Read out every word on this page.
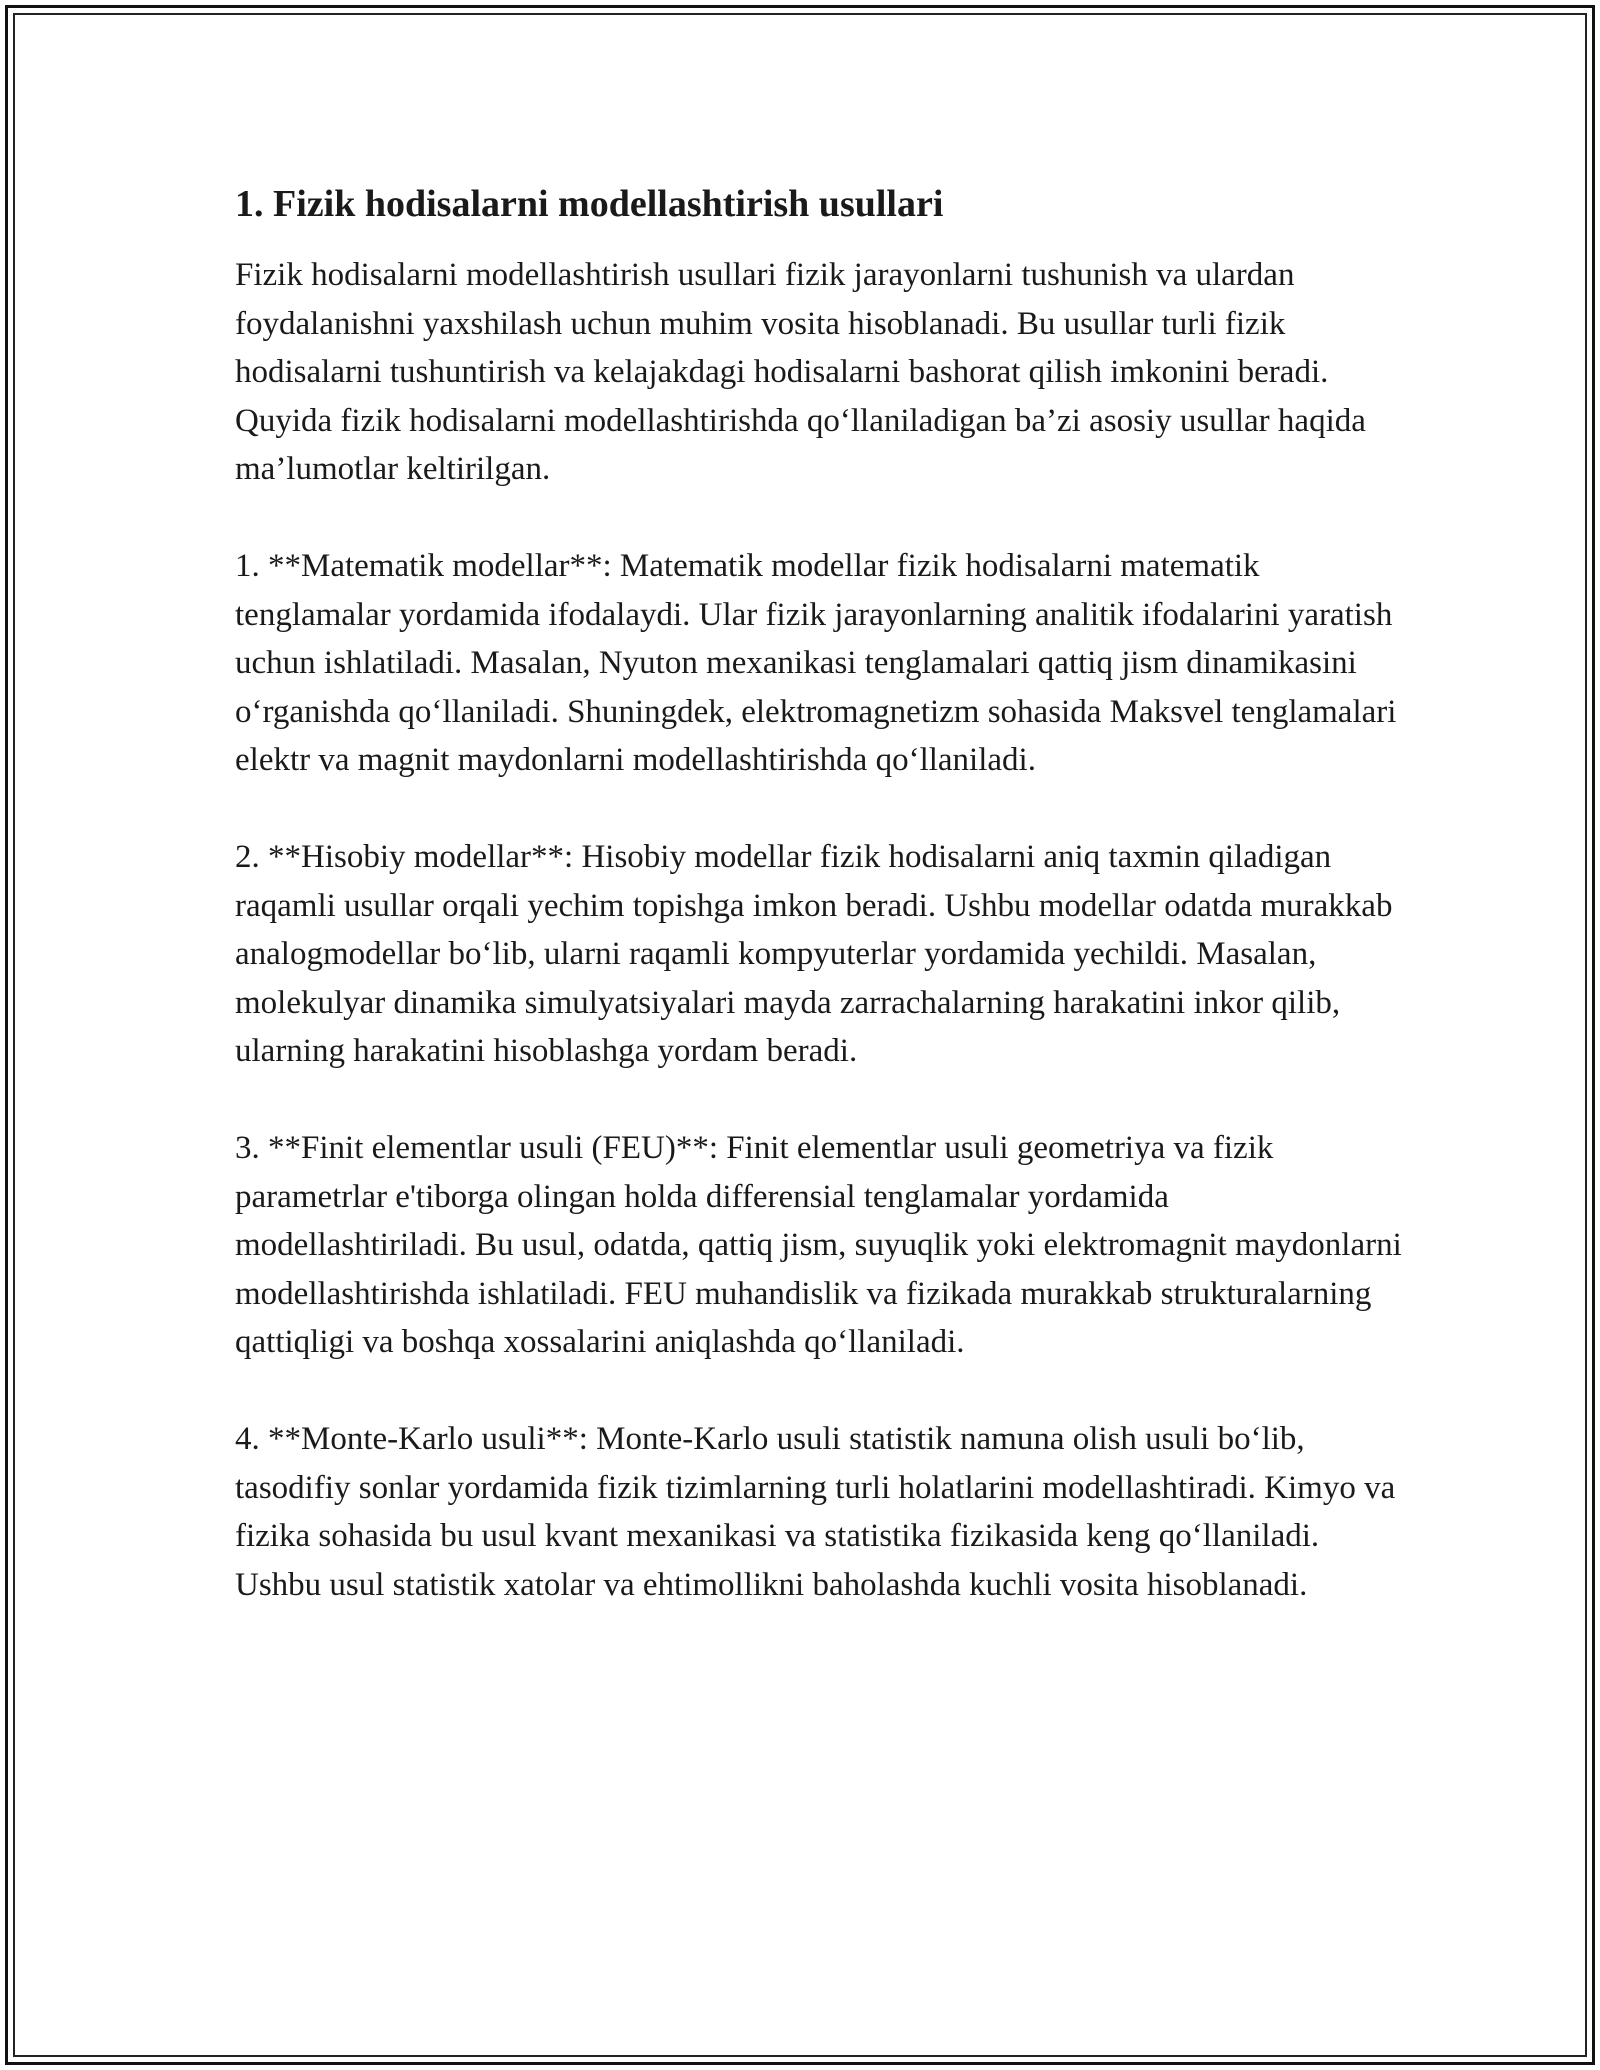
1. Fizik hodisalarni modellashtirish usullari

Fizik hodisalarni modellashtirish usullari fizik jarayonlarni tushunish va ulardan foydalanishni yaxshilash uchun muhim vosita hisoblanadi. Bu usullar turli fizik hodisalarni tushuntirish va kelajakdagi hodisalarni bashorat qilish imkonini beradi. Quyida fizik hodisalarni modellashtirishda qo‘llaniladigan ba’zi asosiy usullar haqida ma’lumotlar keltirilgan.

1. **Matematik modellar**: Matematik modellar fizik hodisalarni matematik tenglamalar yordamida ifodalaydi. Ular fizik jarayonlarning analitik ifodalarini yaratish uchun ishlatiladi. Masalan, Nyuton mexanikasi tenglamalari qattiq jism dinamikasini o‘rganishda qo‘llaniladi. Shuningdek, elektromagnetizm sohasida Maksvel tenglamalari elektr va magnit maydonlarni modellashtirishda qo‘llaniladi.

2. **Hisobiy modellar**: Hisobiy modellar fizik hodisalarni aniq taxmin qiladigan raqamli usullar orqali yechim topishga imkon beradi. Ushbu modellar odatda murakkab analogmodellar bo‘lib, ularni raqamli kompyuterlar yordamida yechildi. Masalan, molekulyar dinamika simulyatsiyalari mayda zarrachalarning harakatini inkor qilib, ularning harakatini hisoblashga yordam beradi.

3. **Finit elementlar usuli (FEU)**: Finit elementlar usuli geometriya va fizik parametrlar e'tiborga olingan holda differensial tenglamalar yordamida modellashtiriladi. Bu usul, odatda, qattiq jism, suyuqlik yoki elektromagnit maydonlarni modellashtirishda ishlatiladi. FEU muhandislik va fizikada murakkab strukturalarning qattiqligi va boshqa xossalarini aniqlashda qo‘llaniladi.

4. **Monte-Karlo usuli**: Monte-Karlo usuli statistik namuna olish usuli bo‘lib, tasodifiy sonlar yordamida fizik tizimlarning turli holatlarini modellashtiradi. Kimyo va fizika sohasida bu usul kvant mexanikasi va statistika fizikasida keng qo‘llaniladi. Ushbu usul statistik xatolar va ehtimollikni baholashda kuchli vosita hisoblanadi.
